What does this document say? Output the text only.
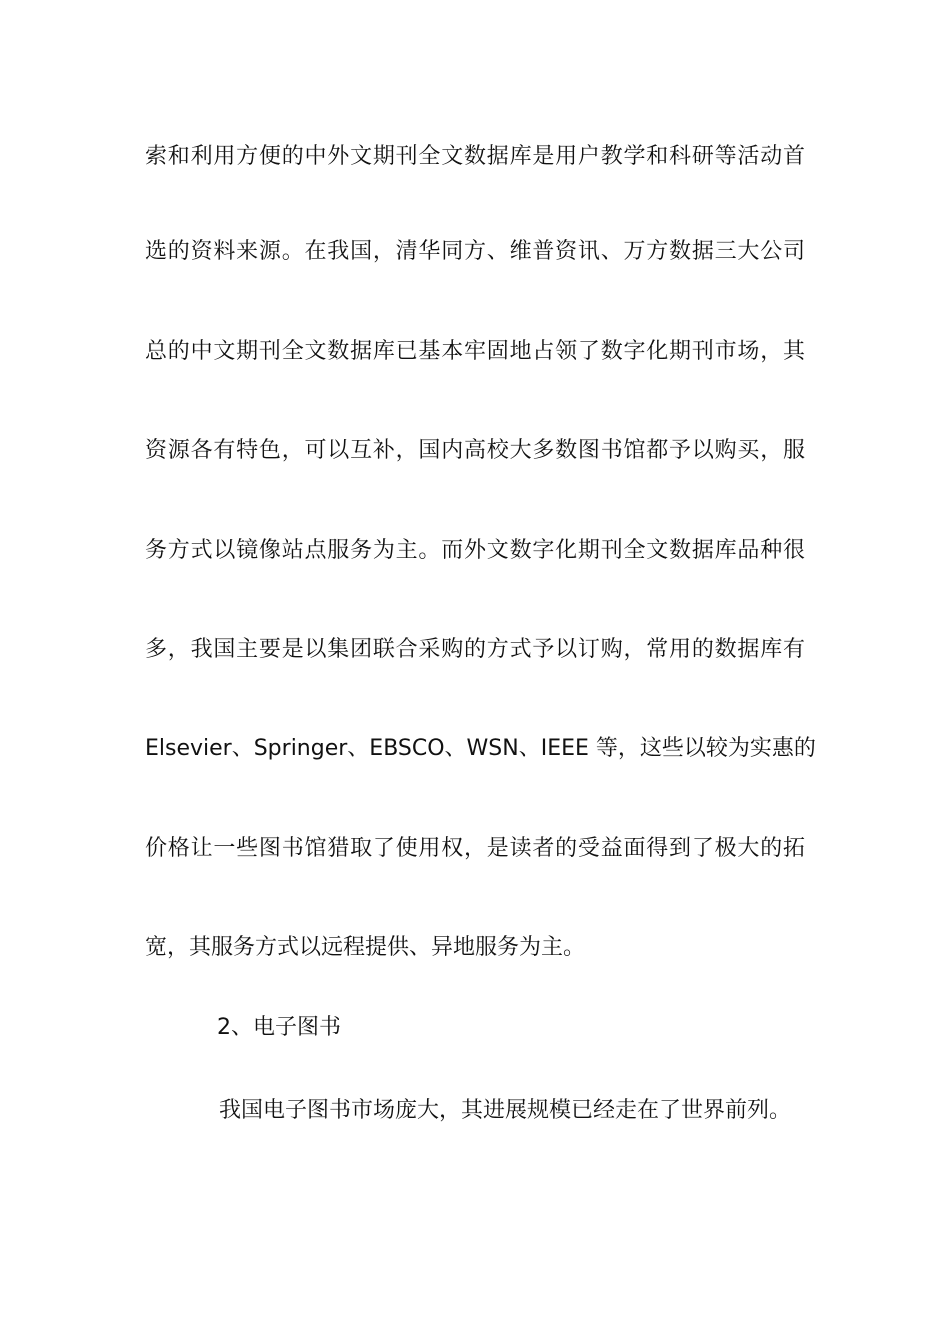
索和利用方便的中外文期刊全文数据库是用户教学和科研等活动首
选的资料来源。在我国，清华同方、维普资讯、万方数据三大公司
总的中文期刊全文数据库已基本牢固地占领了数字化期刊市场，其
资源各有特色，可以互补，国内高校大多数图书馆都予以购买，服
务方式以镜像站点服务为主。而外文数字化期刊全文数据库品种很
多，我国主要是以集团联合采购的方式予以订购，常用的数据库有
Elsevier、Springer、EBSCO、WSN、IEEE 等，这些以较为实惠的
价格让一些图书馆猎取了使用权，是读者的受益面得到了极大的拓
宽，其服务方式以远程提供、异地服务为主。
2、电子图书
我国电子图书市场庞大，其进展规模已经走在了世界前列。
